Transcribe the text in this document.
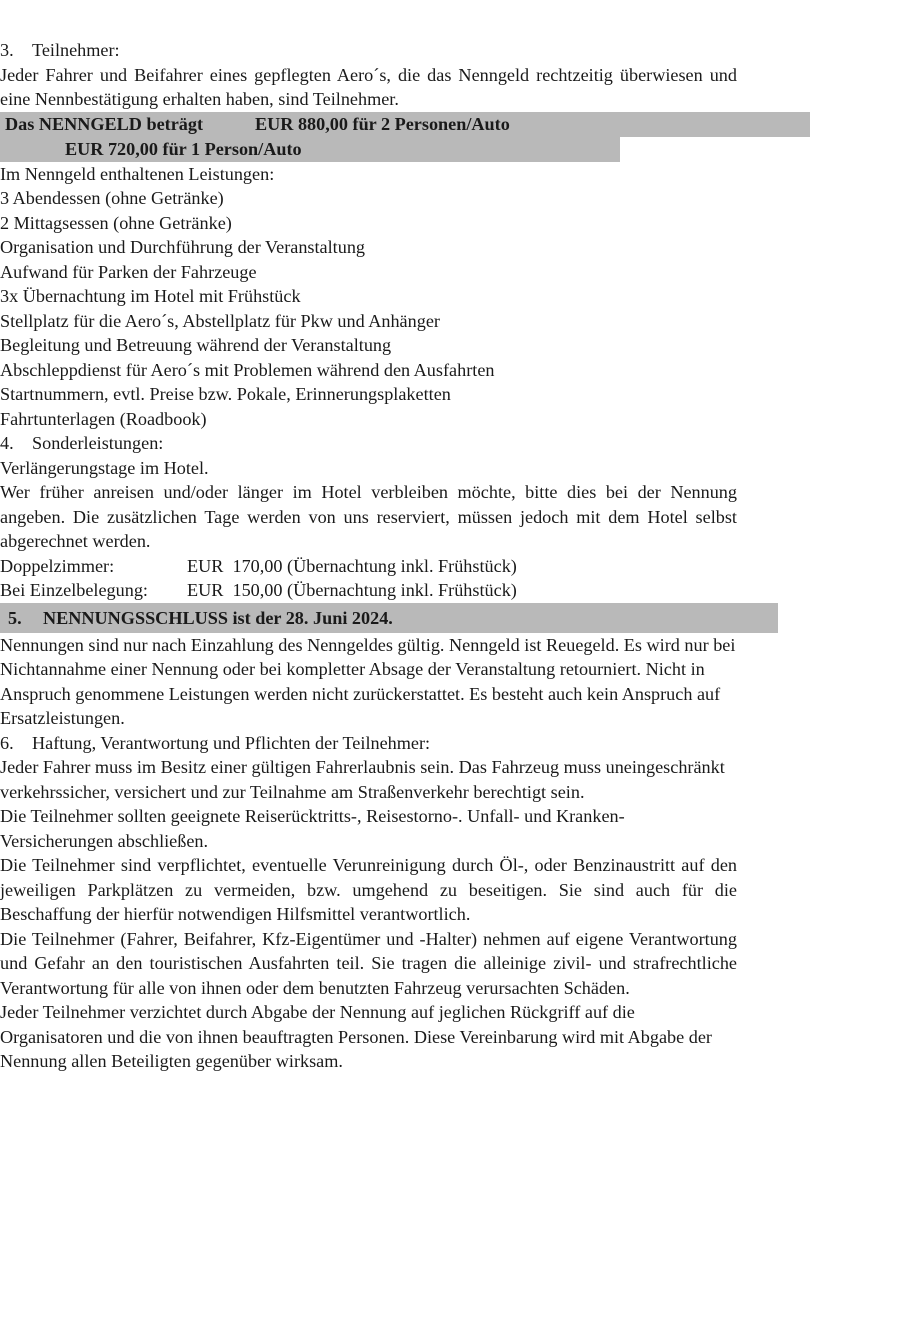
3. Teilnehmer:

Jeder Fahrer und Beifahrer eines gepflegten Aero´s, die das Nenngeld rechtzeitig überwiesen und eine Nennbestätigung erhalten haben, sind Teilnehmer.

Das NENNGELD beträgt	EUR 880,00 für 2 Personen/Auto
EUR 720,00 für 1 Person/Auto
Im Nenngeld enthaltenen Leistungen:
3 Abendessen (ohne Getränke)
2 Mittagsessen (ohne Getränke)
Organisation und Durchführung der Veranstaltung
Aufwand für Parken der Fahrzeuge
3x Übernachtung im Hotel mit Frühstück
Stellplatz für die Aero´s, Abstellplatz für Pkw und Anhänger
Begleitung und Betreuung während der Veranstaltung
Abschleppdienst für Aero´s mit Problemen während den Ausfahrten
Startnummern, evtl. Preise bzw. Pokale, Erinnerungsplaketten
Fahrtunterlagen (Roadbook)
4. Sonderleistungen:

Verlängerungstage im Hotel.

Wer früher anreisen und/oder länger im Hotel verbleiben möchte, bitte dies bei der Nennung angeben. Die zusätzlichen Tage werden von uns reserviert, müssen jedoch mit dem Hotel selbst abgerechnet werden.

Doppelzimmer:	EUR  170,00 (Übernachtung inkl. Frühstück)
Bei Einzelbelegung: EUR  150,00 (Übernachtung inkl. Frühstück)
5. NENNUNGSSCHLUSS ist der 28. Juni 2024.

Nennungen sind nur nach Einzahlung des Nenngeldes gültig. Nenngeld ist Reuegeld. Es wird nur bei Nichtannahme einer Nennung oder bei kompletter Absage der Veranstaltung retourniert. Nicht in Anspruch genommene Leistungen werden nicht zurückerstattet. Es besteht auch kein Anspruch auf Ersatzleistungen.

6. Haftung, Verantwortung und Pflichten der Teilnehmer:

Jeder Fahrer muss im Besitz einer gültigen Fahrerlaubnis sein. Das Fahrzeug muss uneingeschränkt verkehrssicher, versichert und zur Teilnahme am Straßenverkehr berechtigt sein.

Die Teilnehmer sollten geeignete Reiserücktritts-, Reisestorno-. Unfall- und Kranken-Versicherungen abschließen.

Die Teilnehmer sind verpflichtet, eventuelle Verunreinigung durch Öl-, oder Benzinaustritt auf den jeweiligen Parkplätzen zu vermeiden, bzw. umgehend zu beseitigen. Sie sind auch für die Beschaffung der hierfür notwendigen Hilfsmittel verantwortlich.

Die Teilnehmer (Fahrer, Beifahrer, Kfz-Eigentümer und -Halter) nehmen auf eigene Verantwortung und Gefahr an den touristischen Ausfahrten teil. Sie tragen die alleinige zivil- und strafrechtliche Verantwortung für alle von ihnen oder dem benutzten Fahrzeug verursachten Schäden.

Jeder Teilnehmer verzichtet durch Abgabe der Nennung auf jeglichen Rückgriff auf die Organisatoren und die von ihnen beauftragten Personen. Diese Vereinbarung wird mit Abgabe der Nennung allen Beteiligten gegenüber wirksam.
